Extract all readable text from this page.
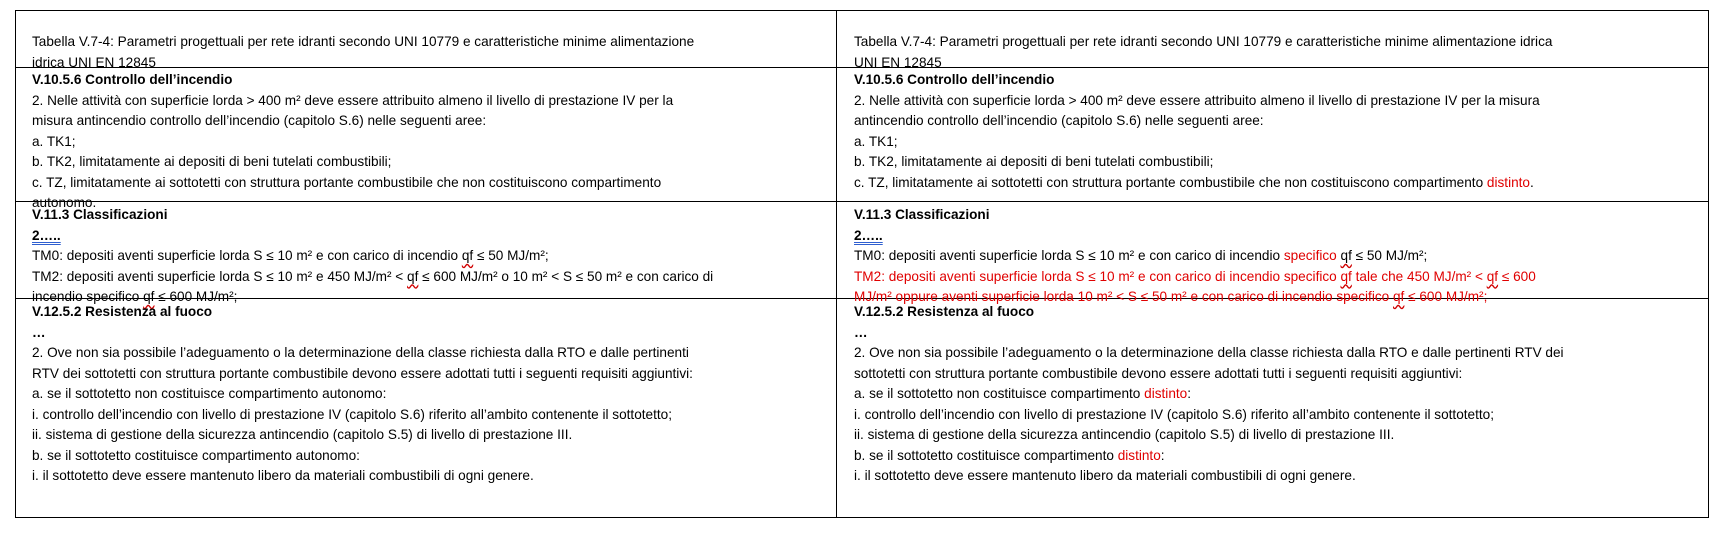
Tabella V.7-4: Parametri progettuali per rete idranti secondo UNI 10779 e caratteristiche minime alimentazione
idrica UNI EN 12845
V.10.5.6 Controllo dell’incendio
2. Nelle attività con superficie lorda > 400 m² deve essere attribuito almeno il livello di prestazione IV per la
misura antincendio controllo dell’incendio (capitolo S.6) nelle seguenti aree:
a. TK1;
b. TK2, limitatamente ai depositi di beni tutelati combustibili;
c. TZ, limitatamente ai sottotetti con struttura portante combustibile che non costituiscono compartimento
autonomo.
V.11.3 Classificazioni
2…..
TM0: depositi aventi superficie lorda S ≤ 10 m² e con carico di incendio qf ≤ 50 MJ/m²;
TM2: depositi aventi superficie lorda S ≤ 10 m² e 450 MJ/m² < qf ≤ 600 MJ/m² o 10 m² < S ≤ 50 m² e con carico di
incendio specifico qf ≤ 600 MJ/m²;
V.12.5.2 Resistenza al fuoco
…
2. Ove non sia possibile l’adeguamento o la determinazione della classe richiesta dalla RTO e dalle pertinenti
RTV dei sottotetti con struttura portante combustibile devono essere adottati tutti i seguenti requisiti aggiuntivi:
a. se il sottotetto non costituisce compartimento autonomo:
i. controllo dell’incendio con livello di prestazione IV (capitolo S.6) riferito all’ambito contenente il sottotetto;
ii. sistema di gestione della sicurezza antincendio (capitolo S.5) di livello di prestazione III.
b. se il sottotetto costituisce compartimento autonomo:
i. il sottotetto deve essere mantenuto libero da materiali combustibili di ogni genere.
Tabella V.7-4: Parametri progettuali per rete idranti secondo UNI 10779 e caratteristiche minime alimentazione idrica
UNI EN 12845
V.10.5.6 Controllo dell’incendio
2. Nelle attività con superficie lorda > 400 m² deve essere attribuito almeno il livello di prestazione IV per la misura
antincendio controllo dell’incendio (capitolo S.6) nelle seguenti aree:
a. TK1;
b. TK2, limitatamente ai depositi di beni tutelati combustibili;
c. TZ, limitatamente ai sottotetti con struttura portante combustibile che non costituiscono compartimento distinto.
V.11.3 Classificazioni
2…..
TM0: depositi aventi superficie lorda S ≤ 10 m² e con carico di incendio specifico qf ≤ 50 MJ/m²;
TM2: depositi aventi superficie lorda S ≤ 10 m² e con carico di incendio specifico qf tale che 450 MJ/m² < qf ≤ 600
MJ/m² oppure aventi superficie lorda 10 m² < S ≤ 50 m² e con carico di incendio specifico qf ≤ 600 MJ/m²;
V.12.5.2 Resistenza al fuoco
…
2. Ove non sia possibile l’adeguamento o la determinazione della classe richiesta dalla RTO e dalle pertinenti RTV dei
sottotetti con struttura portante combustibile devono essere adottati tutti i seguenti requisiti aggiuntivi:
a. se il sottotetto non costituisce compartimento distinto:
i. controllo dell’incendio con livello di prestazione IV (capitolo S.6) riferito all’ambito contenente il sottotetto;
ii. sistema di gestione della sicurezza antincendio (capitolo S.5) di livello di prestazione III.
b. se il sottotetto costituisce compartimento distinto:
i. il sottotetto deve essere mantenuto libero da materiali combustibili di ogni genere.
